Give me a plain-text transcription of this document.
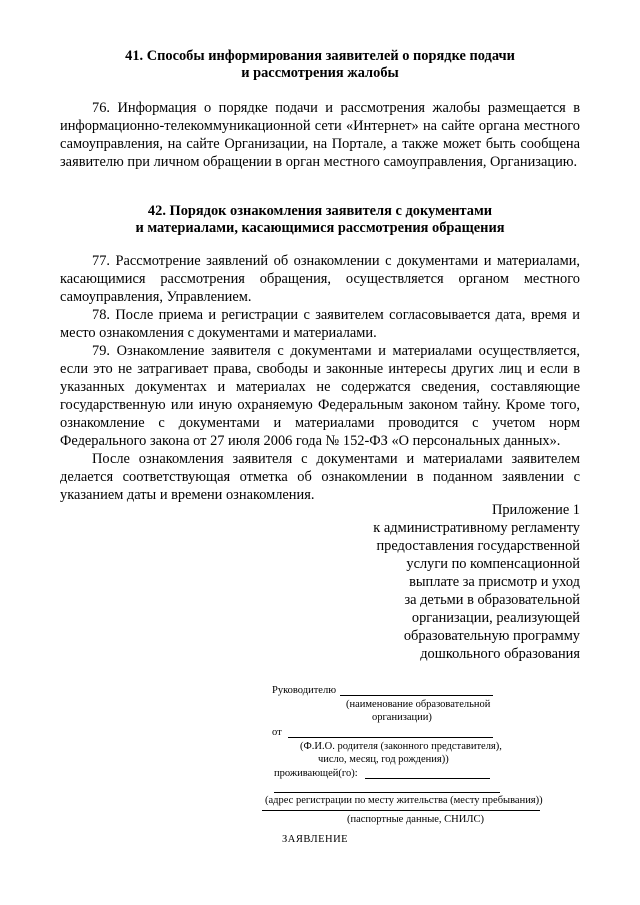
41. Способы информирования заявителей о порядке подачи
и рассмотрения жалобы
76. Информация о порядке подачи и рассмотрения жалобы размещается в информационно-телекоммуникационной сети «Интернет» на сайте органа местного самоуправления, на сайте Организации, на Портале, а также может быть сообщена заявителю при личном обращении в орган местного самоуправления, Организацию.
42. Порядок ознакомления заявителя с документами
и материалами, касающимися рассмотрения обращения
77. Рассмотрение заявлений об ознакомлении с документами и материалами, касающимися рассмотрения обращения, осуществляется органом местного самоуправления, Управлением.
78. После приема и регистрации с заявителем согласовывается дата, время и место ознакомления с документами и материалами.
79. Ознакомление заявителя с документами и материалами осуществляется, если это не затрагивает права, свободы и законные интересы других лиц и если в указанных документах и материалах не содержатся сведения, составляющие государственную или иную охраняемую Федеральным законом тайну. Кроме того, ознакомление с документами и материалами проводится с учетом норм Федерального закона от 27 июля 2006 года № 152-ФЗ «О персональных данных».
После ознакомления заявителя с документами и материалами заявителем делается соответствующая отметка об ознакомлении в поданном заявлении с указанием даты и времени ознакомления.
Приложение 1
к административному регламенту
предоставления государственной
услуги по компенсационной
выплате за присмотр и уход
за детьми в образовательной
организации, реализующей
образовательную программу
дошкольного образования
Руководителю
(наименование образовательной
организации)
от
(Ф.И.О. родителя (законного представителя),
число, месяц, год рождения))
проживающей(го):
(адрес регистрации по месту жительства (месту пребывания))
(паспортные данные, СНИЛС)
ЗАЯВЛЕНИЕ
